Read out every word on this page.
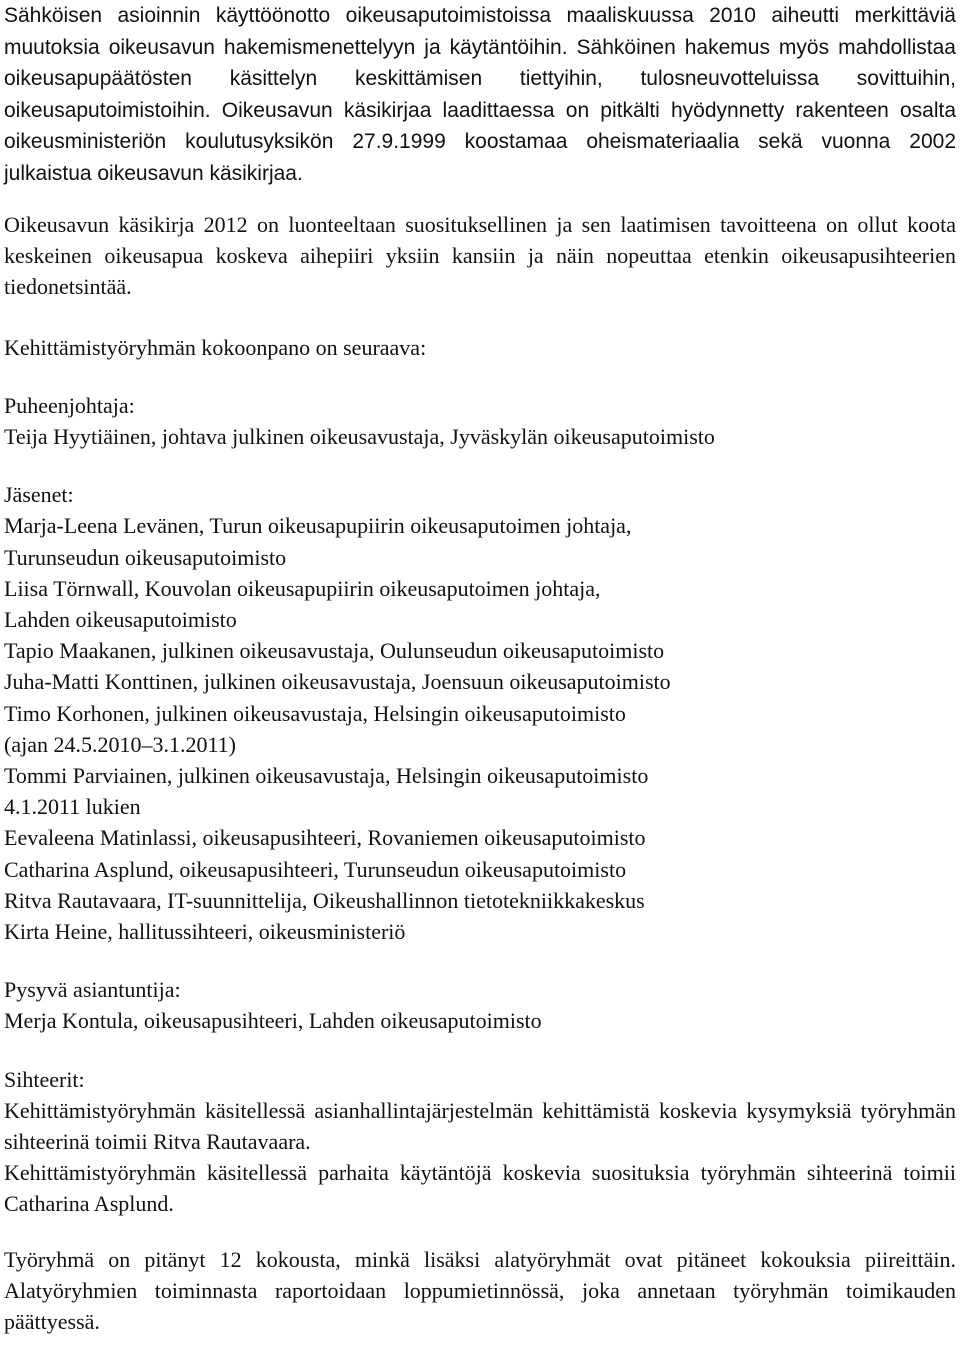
Sähköisen asioinnin käyttöönotto oikeusaputoimistoissa maaliskuussa 2010 aiheutti merkittäviä muutoksia oikeusavun hakemismenettelyyn ja käytäntöihin. Sähköinen hakemus myös mahdollistaa oikeusapupäätösten käsittelyn keskittämisen tiettyihin, tulosneuvotteluissa sovittuihin, oikeusaputoimistoihin. Oikeusavun käsikirjaa laadittaessa on pitkälti hyödynnetty rakenteen osalta oikeusministeriön koulutusyksikön 27.9.1999 koostamaa oheismateriaalia sekä vuonna 2002 julkaistua oikeusavun käsikirjaa.

Oikeusavun käsikirja 2012 on luonteeltaan suosituksellinen ja sen laatimisen tavoitteena on ollut koota keskeinen oikeusapua koskeva aihepiiri yksiin kansiin ja näin nopeuttaa etenkin oikeusapusihteerien tiedonetsintää.

Kehittämistyöryhmän kokoonpano on seuraava:

Puheenjohtaja:
Teija Hyytiäinen, johtava julkinen oikeusavustaja, Jyväskylän oikeusaputoimisto
Jäsenet:
Marja-Leena Levänen, Turun oikeusapupiirin oikeusaputoimen johtaja,
Turunseudun oikeusaputoimisto
Liisa Törnwall, Kouvolan oikeusapupiirin oikeusaputoimen johtaja,
Lahden oikeusaputoimisto
Tapio Maakanen, julkinen oikeusavustaja, Oulunseudun oikeusaputoimisto
Juha-Matti Konttinen, julkinen oikeusavustaja, Joensuun oikeusaputoimisto
Timo Korhonen, julkinen oikeusavustaja, Helsingin oikeusaputoimisto
(ajan 24.5.2010–3.1.2011)
Tommi Parviainen, julkinen oikeusavustaja, Helsingin oikeusaputoimisto
4.1.2011 lukien
Eevaleena Matinlassi, oikeusapusihteeri, Rovaniemen oikeusaputoimisto
Catharina Asplund, oikeusapusihteeri, Turunseudun oikeusaputoimisto
Ritva Rautavaara, IT-suunnittelija, Oikeushallinnon tietotekniikkakeskus
Kirta Heine, hallitussihteeri, oikeusministeriö
Pysyvä asiantuntija:
Merja Kontula, oikeusapusihteeri, Lahden oikeusaputoimisto
Sihteerit:

Kehittämistyöryhmän käsitellessä asianhallintajärjestelmän kehittämistä koskevia kysymyksiä työryhmän sihteerinä toimii Ritva Rautavaara.

Kehittämistyöryhmän käsitellessä parhaita käytäntöjä koskevia suosituksia työryhmän sihteerinä toimii Catharina Asplund.

Työryhmä on pitänyt 12 kokousta, minkä lisäksi alatyöryhmät ovat pitäneet kokouksia piireittäin. Alatyöryhmien toiminnasta raportoidaan loppumietinnössä, joka annetaan työryhmän toimikauden päättyessä.
